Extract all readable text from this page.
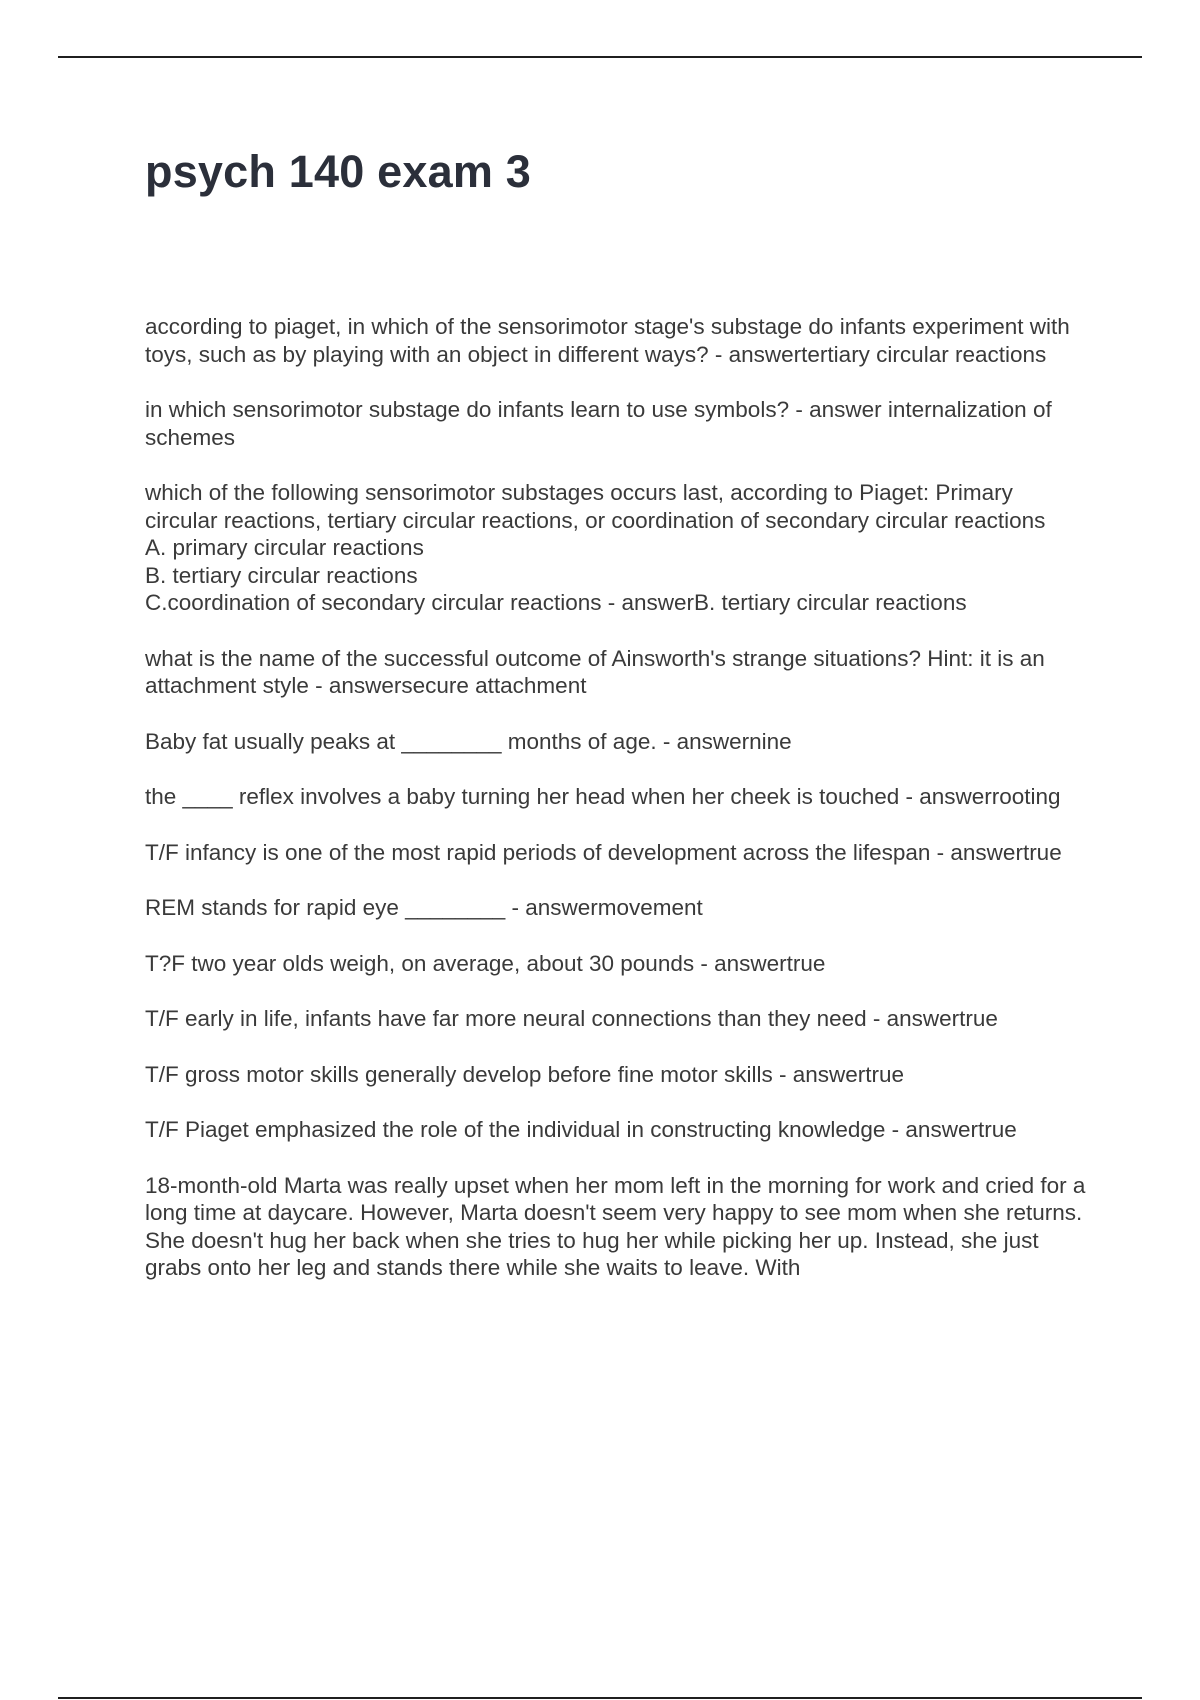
psych 140 exam 3

according to piaget, in which of the sensorimotor stage's substage do infants experiment with toys, such as by playing with an object in different ways? - answertertiary circular reactions

in which sensorimotor substage do infants learn to use symbols? - answer internalization of schemes

which of the following sensorimotor substages occurs last, according to Piaget: Primary circular reactions, tertiary circular reactions, or coordination of secondary circular reactions
A. primary circular reactions
B. tertiary circular reactions
C.coordination of secondary circular reactions - answerB. tertiary circular reactions

what is the name of the successful outcome of Ainsworth's strange situations? Hint: it is an attachment style - answersecure attachment

Baby fat usually peaks at ________ months of age. - answernine

the ____ reflex involves a baby turning her head when her cheek is touched - answerrooting

T/F infancy is one of the most rapid periods of development across the lifespan - answertrue

REM stands for rapid eye ________ - answermovement

T?F two year olds weigh, on average, about 30 pounds - answertrue

T/F early in life, infants have far more neural connections than they need - answertrue

T/F gross motor skills generally develop before fine motor skills - answertrue

T/F Piaget emphasized the role of the individual in constructing knowledge - answertrue

18-month-old Marta was really upset when her mom left in the morning for work and cried for a long time at daycare. However, Marta doesn't seem very happy to see mom when she returns. She doesn't hug her back when she tries to hug her while picking her up. Instead, she just grabs onto her leg and stands there while she waits to leave. With
